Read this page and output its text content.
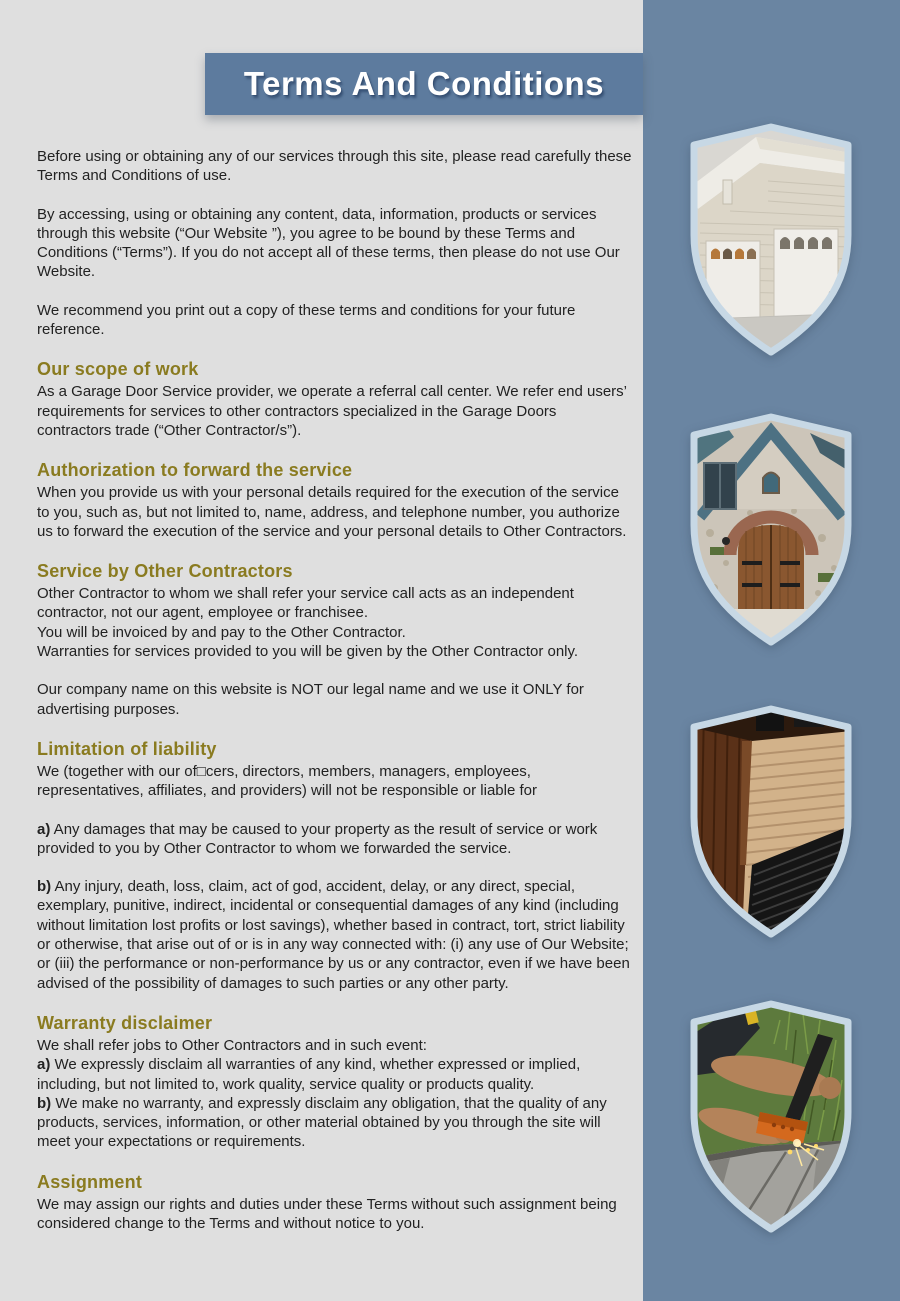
Terms And Conditions

Before using or obtaining any of our services through this site, please read carefully these Terms and Conditions of use.

By accessing, using or obtaining any content, data, information, products or services through this website (“Our Website ”), you agree to be bound by these Terms and Conditions (“Terms”). If you do not accept all of these terms, then please do not use Our Website.

We recommend you print out a copy of these terms and conditions for your future reference.

Our scope of work

As a Garage Door Service provider, we operate a referral call center. We refer end users’ requirements for services to other contractors specialized in the Garage Doors contractors trade (“Other Contractor/s”).

Authorization to forward the service

When you provide us with your personal details required for the execution of the service to you, such as, but not limited to, name, address, and telephone number, you authorize us to forward the execution of the service and your personal details to Other Contractors.

Service by Other Contractors

Other Contractor to whom we shall refer your service call acts as an independent contractor, not our agent, employee or franchisee.

You will be invoiced by and pay to the Other Contractor.

Warranties for services provided to you will be given by the Other Contractor only.

Our company name on this website is NOT our legal name and we use it ONLY for advertising purposes.

Limitation of liability

We (together with our of□cers, directors, members, managers, employees, representatives, affiliates, and providers) will not be responsible or liable for

a) Any damages that may be caused to your property as the result of service or work provided to you by Other Contractor to whom we forwarded the service.

b) Any injury, death, loss, claim, act of god, accident, delay, or any direct, special, exemplary, punitive, indirect, incidental or consequential damages of any kind (including without limitation lost profits or lost savings), whether based in contract, tort, strict liability or otherwise, that arise out of or is in any way connected with: (i) any use of Our Website; or (iii) the performance or non-performance by us or any contractor, even if we have been advised of the possibility of damages to such parties or any other party.

Warranty disclaimer

We shall refer jobs to Other Contractors and in such event:

a) We expressly disclaim all warranties of any kind, whether expressed or implied, including, but not limited to, work quality, service quality or products quality.

b) We make no warranty, and expressly disclaim any obligation, that the quality of any products, services, information, or other material obtained by you through the site will meet your expectations or requirements.

Assignment

We may assign our rights and duties under these Terms without such assignment being considered change to the Terms and without notice to you.
